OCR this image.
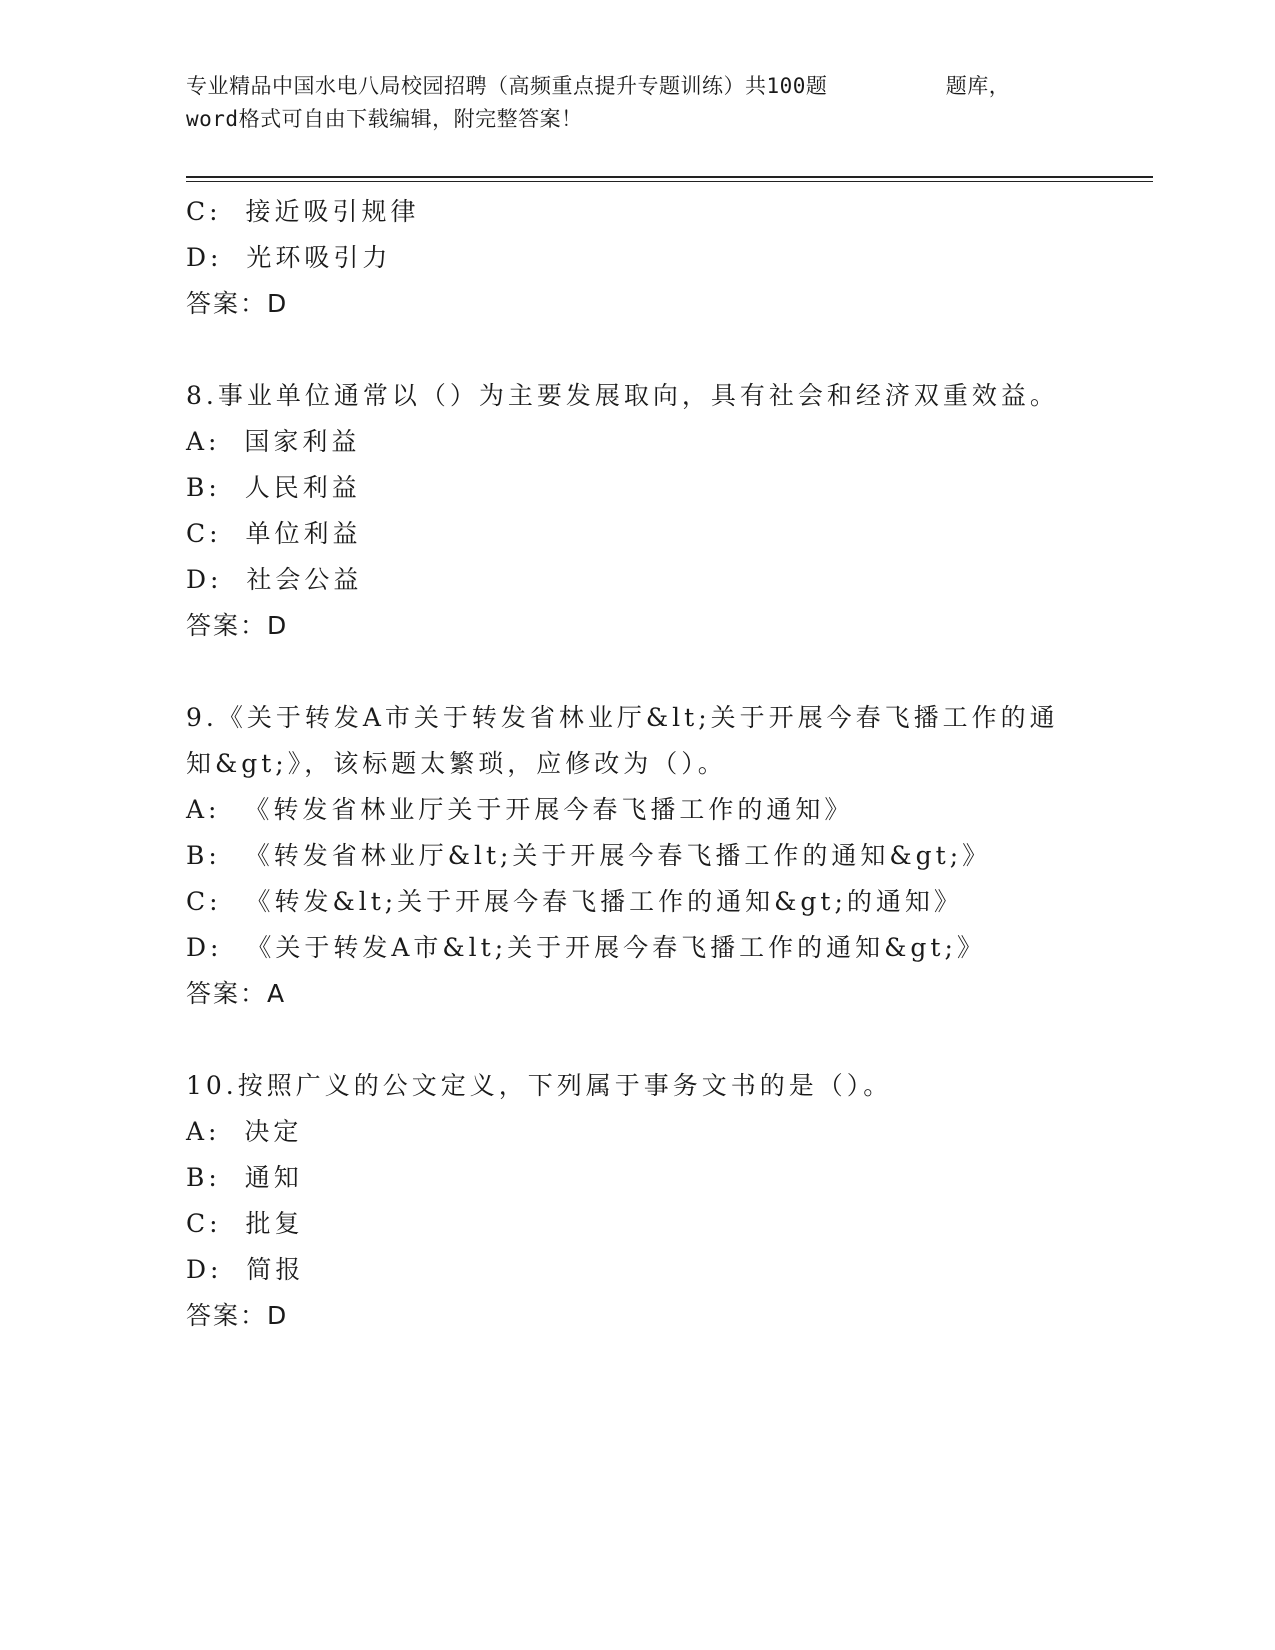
专业精品中国水电八局校园招聘（高频重点提升专题训练）共100题         题库，
word格式可自由下载编辑，附完整答案！
C:  接近吸引规律
D:  光环吸引力
答案：D
8.事业单位通常以（）为主要发展取向，具有社会和经济双重效益。
A:  国家利益
B:  人民利益
C:  单位利益
D:  社会公益
答案：D
9.《关于转发A市关于转发省林业厅&lt;关于开展今春飞播工作的通
知&gt;》，该标题太繁琐，应修改为（）。
A:  《转发省林业厅关于开展今春飞播工作的通知》
B:  《转发省林业厅&lt;关于开展今春飞播工作的通知&gt;》
C:  《转发&lt;关于开展今春飞播工作的通知&gt;的通知》
D:  《关于转发A市&lt;关于开展今春飞播工作的通知&gt;》
答案：A
10.按照广义的公文定义，下列属于事务文书的是（）。
A:  决定
B:  通知
C:  批复
D:  简报
答案：D
